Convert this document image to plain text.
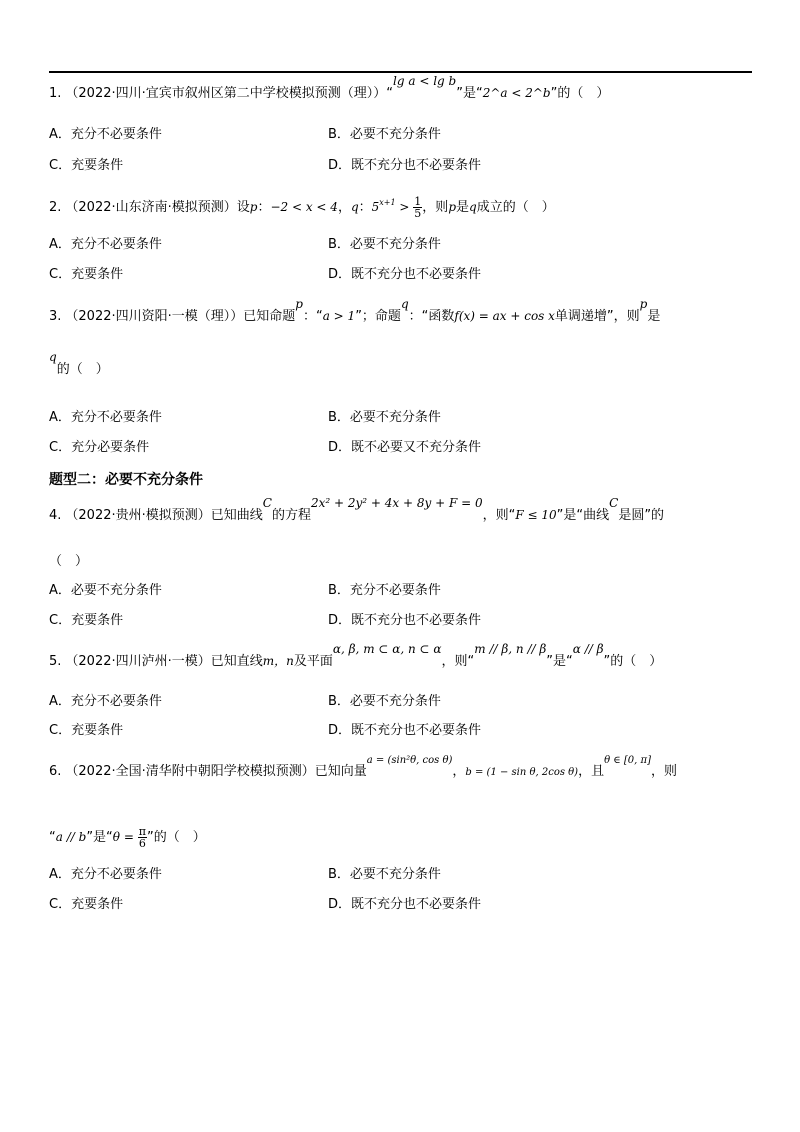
1. （2022·四川·宜宾市叙州区第二中学校模拟预测（理））“lg a < lg b”是“2^a < 2^b”的（　）
A．充分不必要条件	B．必要不充分条件
C．充要条件	D．既不充分也不必要条件
2. （2022·山东济南·模拟预测）设p：−2 < x < 4，q：$5^{x+1} > \frac{1}{5}$ ，则p是q成立的（　）
A．充分不必要条件	B．必要不充分条件
C．充要条件	D．既不充分也不必要条件
3. （2022·四川资阳·一模（理））已知命题p：“a > 1”；命题q：“函数f(x) = ax + cos x单调递增”，则p是
q的（　）
A．充分不必要条件	B．必要不充分条件
C．充分必要条件	D．既不必要又不充分条件
题型二：必要不充分条件
4. （2022·贵州·模拟预测）已知曲线C的方程2x² + 2y² + 4x + 8y + F = 0，则“F ≤ 10”是“曲线C是圆”的
（　）
A．必要不充分条件	B．充分不必要条件
C．充要条件	D．既不充分也不必要条件
5. （2022·四川泸州·一模）已知直线m，n及平面α, β, m ⊂ α, n ⊂ α，则“m // β, n // β”是“α // β”的（　）
A．充分不必要条件	B．必要不充分条件
C．充要条件	D．既不充分也不必要条件
6. （2022·全国·清华附中朝阳学校模拟预测）已知向量$^{a = (sin^2\theta, cos \theta)}$，b = (1 − sin θ, 2cos θ)，且$^{\theta \in [0, \pi]}$，则
“a // b”是“$\theta = \frac{\pi}{6}$ ”的（　）
A．充分不必要条件	B．必要不充分条件
C．充要条件	D．既不充分也不必要条件
